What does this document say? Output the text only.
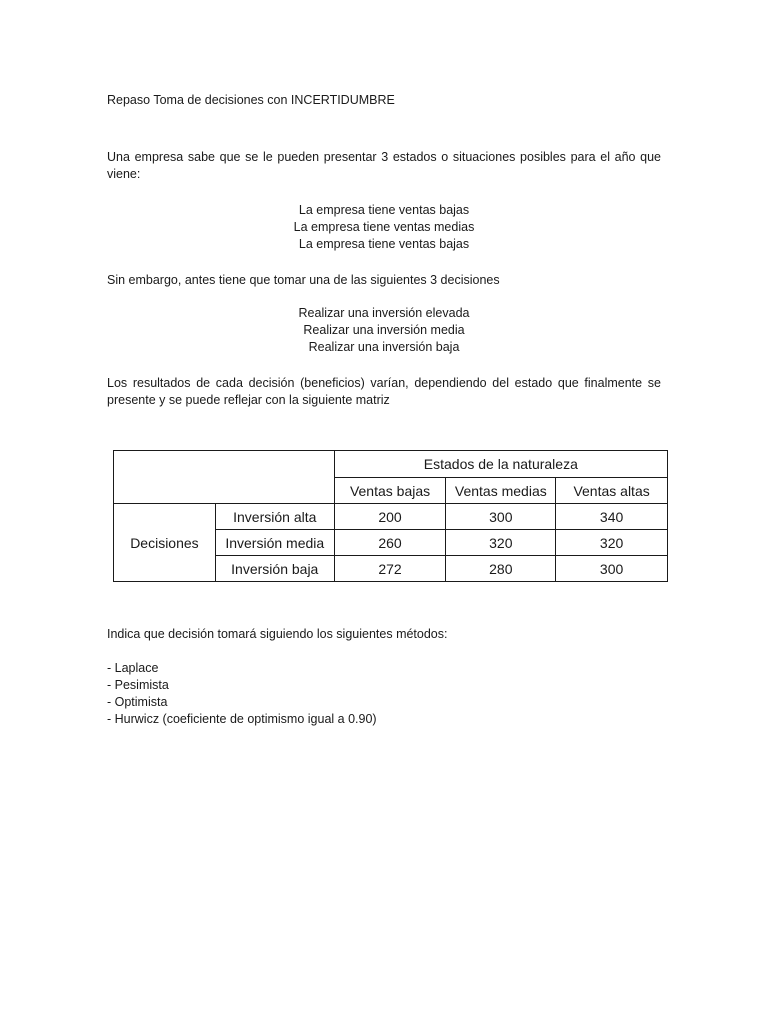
Repaso Toma de decisiones con INCERTIDUMBRE
Una empresa sabe que se le pueden presentar 3 estados o situaciones posibles para el año que viene:
La empresa tiene ventas bajas
La empresa tiene ventas medias
La empresa tiene ventas bajas
Sin embargo, antes tiene que tomar una de las siguientes 3 decisiones
Realizar una inversión elevada
Realizar una inversión media
Realizar una inversión baja
Los resultados de cada decisión (beneficios) varían, dependiendo del estado que finalmente se presente y se puede reflejar con la siguiente matriz
		Estados de la naturaleza		
		Ventas bajas	Ventas medias	Ventas altas
Decisiones	Inversión alta	200	300	340
	Inversión media	260	320	320
	Inversión baja	272	280	300
Indica que decisión tomará siguiendo los siguientes métodos:
- Laplace
- Pesimista
- Optimista
- Hurwicz (coeficiente de optimismo igual a 0.90)
